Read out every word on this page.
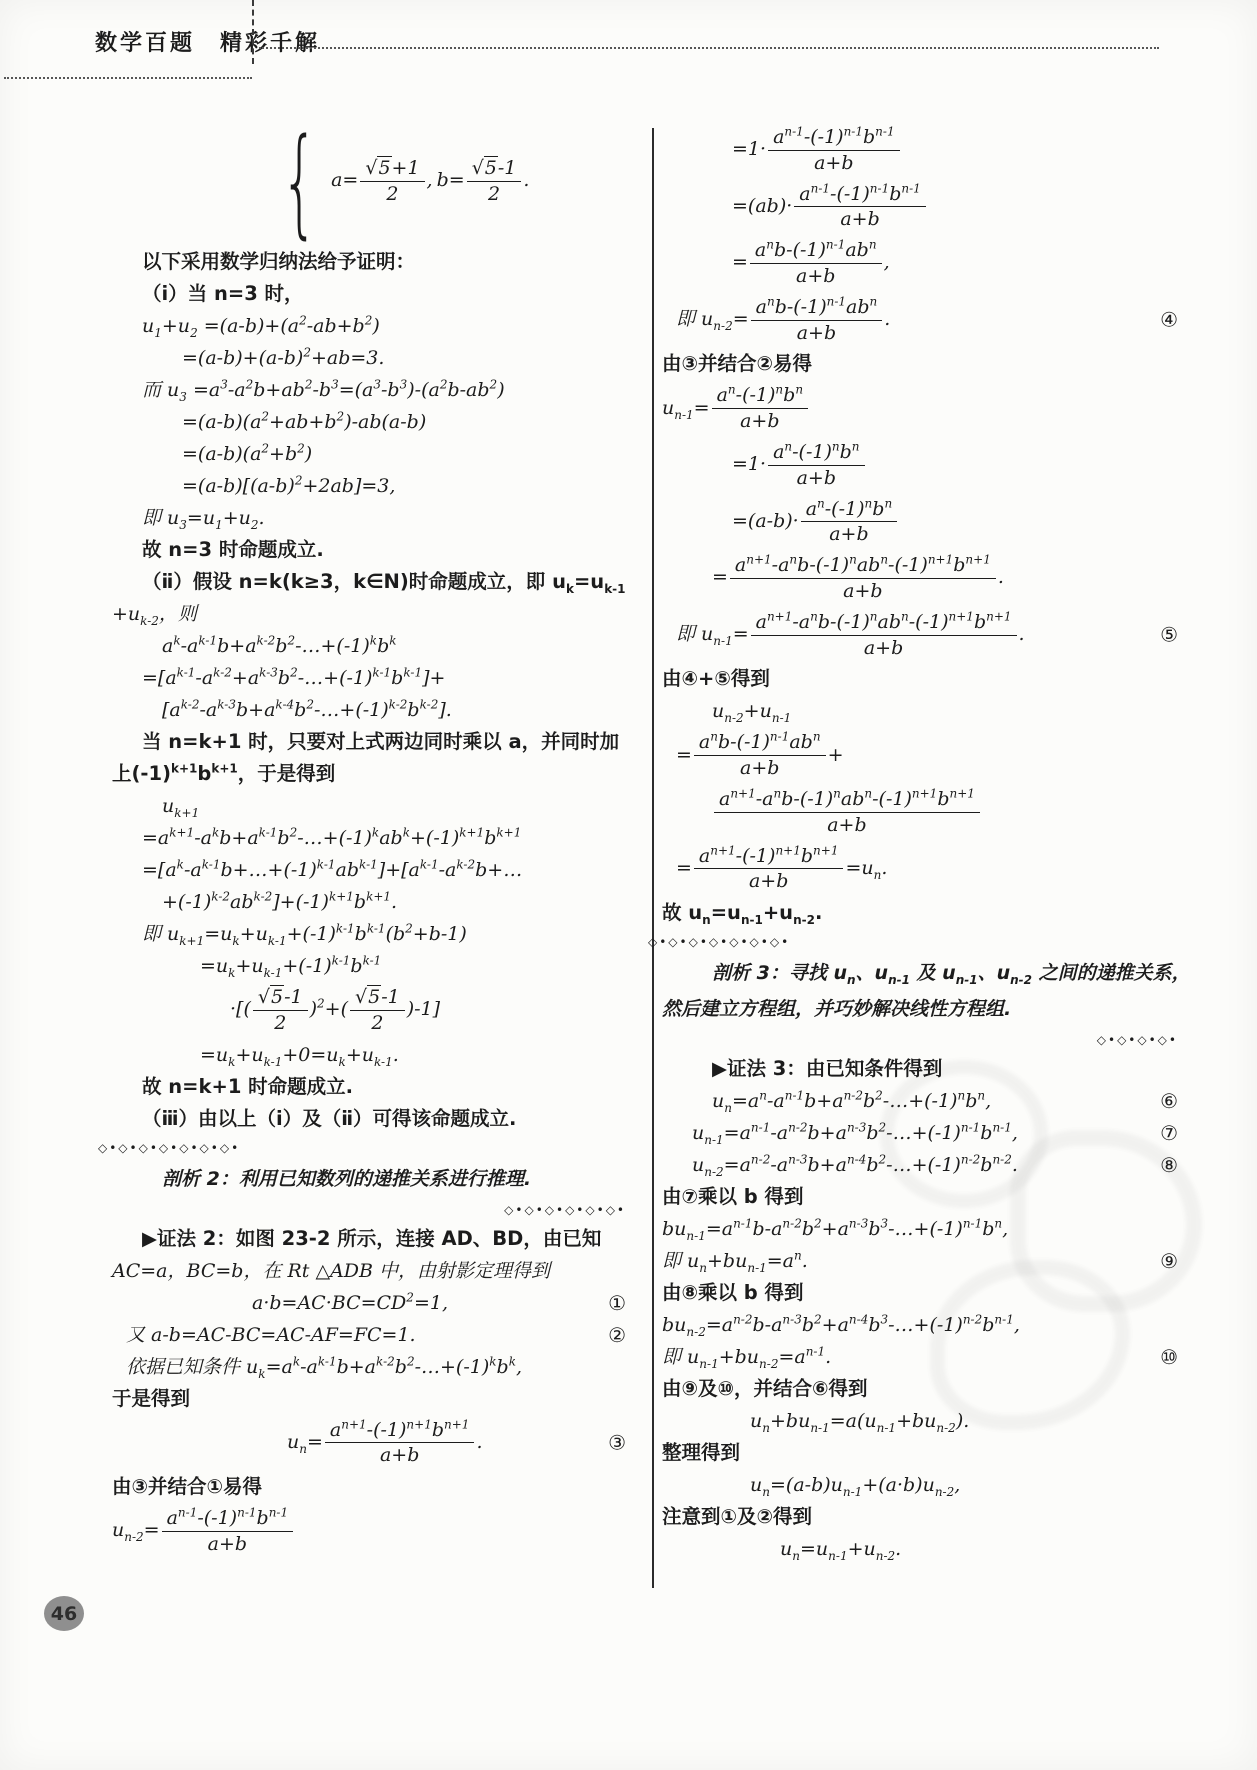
数学百题　精彩千解
{ $a= \frac{√5+1}{2}$ , $b= \frac{√5-1}{2}$ .
以下采用数学归纳法给予证明：
（ⅰ）当 n=3 时，
$u_1+u_2 =(a-b)+(a^2-ab+b^2)$
$=(a-b)+(a-b)^2+ab=3$.
而 $u_3 =a^3-a^2b+ab^2-b^3=(a^3-b^3)-(a^2b-ab^2)$
$=(a-b)(a^2+ab+b^2)-ab(a-b)$
$=(a-b)(a^2+b^2)$
$=(a-b)[(a-b)^2+2ab]=3$,
即 $u_3=u_1+u_2$.
故 n=3 时命题成立.
（ⅱ）假设 n=k(k≥3，k∈N)时命题成立，即 $u_k=u_{k-1}$
$+u_{k-2}$，则
$a^k-a^{k-1}b+a^{k-2}b^2-\dots+(-1)^kb^k$
$=[a^{k-1}-a^{k-2}+a^{k-3}b^2-\dots+(-1)^{k-1}b^{k-1}]+$
$[a^{k-2}-a^{k-3}b+a^{k-4}b^2-\dots+(-1)^{k-2}b^{k-2}]$.
当 n=k+1 时，只要对上式两边同时乘以 a，并同时加
上$(-1)^{k+1}b^{k+1}$，于是得到
$u_{k+1}$
$=a^{k+1}-a^kb+a^{k-1}b^2-\dots+(-1)^kab^k+(-1)^{k+1}b^{k+1}$
$=[a^k-a^{k-1}b+\dots+(-1)^{k-1}ab^{k-1}]+[a^{k-1}-a^{k-2}b+\dots$
$+(-1)^{k-2}ab^{k-2}]+(-1)^{k+1}b^{k+1}$.
即 $u_{k+1}=u_k+u_{k-1}+(-1)^{k-1}b^{k-1}(b^2+b-1)$
$=u_k+u_{k-1}+(-1)^{k-1}b^{k-1}$
·[( $\frac{√5-1}{2} )^2+( \frac{√5-1}{2} )-1$]
$=u_k+u_{k-1}+0=u_k+u_{k-1}$.
故 n=k+1 时命题成立.
（ⅲ）由以上（ⅰ）及（ⅱ）可得该命题成立.
◇•◇•◇•◇•◇•◇•◇•
剖析 2：利用已知数列的递推关系进行推理.
◇•◇•◇•◇•◇•◇•
▶证法 2：如图 23-2 所示，连接 AD、BD，由已知
AC=a，BC=b，在 Rt △ADB 中，由射影定理得到
$a\cdot b=AC\cdot BC=CD^2=1$,	①
又 a-b=AC-BC=AC-AF=FC=1.	②
依据已知条件 $u_k=a^k-a^{k-1}b+a^{k-2}b^2-\dots+(-1)^kb^k$,
于是得到
$u_n= \frac{a^{n+1}-(-1)^{n+1}b^{n+1}}{a+b}$ .	③
由③并结合①易得
$u_{n-2}= \frac{a^{n-1}-(-1)^{n-1}b^{n-1}}{a+b}$
$=1\cdot \frac{a^{n-1}-(-1)^{n-1}b^{n-1}}{a+b}$
$=(ab)\cdot \frac{a^{n-1}-(-1)^{n-1}b^{n-1}}{a+b}$
=
$a^nb-(-1)^{n-1}ab^n$
a+b
,
即 $u_{n-2}=$
$a^nb-(-1)^{n-1}ab^n$
a+b
.	④
由③并结合②易得
$u_{n-1}=$
$a^n-(-1)^nb^n$
a+b
=1·
$a^n-(-1)^nb^n$
a+b
=(a-b)·
$a^n-(-1)^nb^n$
a+b
=
$a^{n+1}-a^nb-(-1)^nab^n-(-1)^{n+1}b^{n+1}$
a+b
.
即 $u_{n-1}=$
$a^{n+1}-a^nb-(-1)^nab^n-(-1)^{n+1}b^{n+1}$
a+b
.	⑤
由④+⑤得到
$u_{n-2}+u_{n-1}$
=
$a^nb-(-1)^{n-1}ab^n$
a+b
+
$a^{n+1}-a^nb-(-1)^nab^n-(-1)^{n+1}b^{n+1}$
a+b
= $\frac{a^{n+1}-(-1)^{n+1}b^{n+1}}{a+b} =u_n$.
故 $u_n=u_{n-1}+u_{n-2}$.
◇•◇•◇•◇•◇•◇•◇•
剖析 3：寻找 $u_n$、$u_{n-1}$ 及 $u_{n-1}$、$u_{n-2}$ 之间的递推关系，
然后建立方程组，并巧妙解决线性方程组.
◇•◇•◇•◇•
▶证法 3：由已知条件得到
$u_n=a^n-a^{n-1}b+a^{n-2}b^2-\dots+(-1)^nb^n$,	⑥
$u_{n-1}=a^{n-1}-a^{n-2}b+a^{n-3}b^2-\dots+(-1)^{n-1}b^{n-1}$,	⑦
$u_{n-2}=a^{n-2}-a^{n-3}b+a^{n-4}b^2-\dots+(-1)^{n-2}b^{n-2}$.	⑧
由⑦乘以 b 得到
$bu_{n-1}=a^{n-1}b-a^{n-2}b^2+a^{n-3}b^3-\dots+(-1)^{n-1}b^n$,
即 $u_n+bu_{n-1}=a^n$.	⑨
由⑧乘以 b 得到
$bu_{n-2}=a^{n-2}b-a^{n-3}b^2+a^{n-4}b^3-\dots+(-1)^{n-2}b^{n-1}$,
即 $u_{n-1}+bu_{n-2}=a^{n-1}$.	⑩
由⑨及⑩，并结合⑥得到
$u_n+bu_{n-1}=a(u_{n-1}+bu_{n-2})$.
整理得到
$u_n=(a-b)u_{n-1}+(a\cdot b)u_{n-2}$,
注意到①及②得到
$u_n=u_{n-1}+u_{n-2}$.
46
